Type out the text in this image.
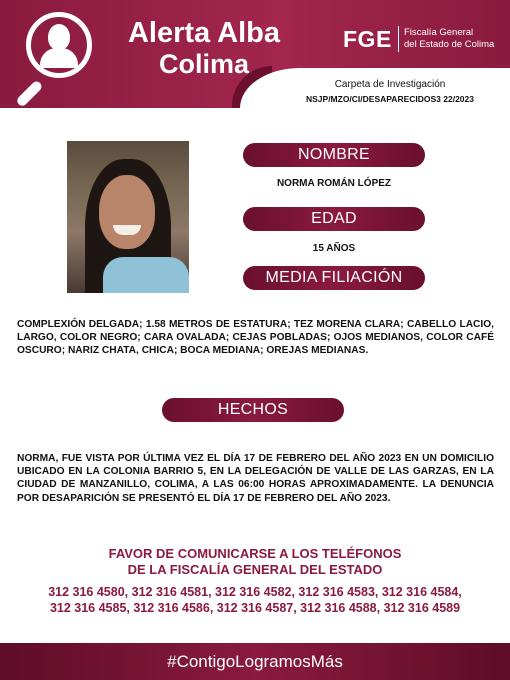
Alerta Alba
Colima
FGE Fiscalía General
del Estado de Colima
Carpeta de Investigación
NSJP/MZO/CI/DESAPARECIDOS3 22/2023
NOMBRE
NORMA ROMÁN LÓPEZ
EDAD
15 AÑOS
MEDIA FILIACIÓN
COMPLEXIÓN DELGADA; 1.58 METROS DE ESTATURA; TEZ MORENA CLARA; CABELLO LACIO, LARGO, COLOR NEGRO; CARA OVALADA; CEJAS POBLADAS; OJOS MEDIANOS, COLOR CAFÉ OSCURO; NARIZ CHATA, CHICA; BOCA MEDIANA; OREJAS MEDIANAS.
HECHOS
NORMA, FUE VISTA POR ÚLTIMA VEZ EL DÍA 17 DE FEBRERO DEL AÑO 2023 EN UN DOMICILIO UBICADO EN LA COLONIA BARRIO 5, EN LA DELEGACIÓN DE VALLE DE LAS GARZAS, EN LA CIUDAD DE MANZANILLO, COLIMA, A LAS 06:00 HORAS APROXIMADAMENTE. LA DENUNCIA POR DESAPARICIÓN SE PRESENTÓ EL DÍA 17 DE FEBRERO DEL AÑO 2023.
FAVOR DE COMUNICARSE A LOS TELÉFONOS
DE LA FISCALÍA GENERAL DEL ESTADO
312 316 4580, 312 316 4581, 312 316 4582, 312 316 4583, 312 316 4584, 312 316 4585, 312 316 4586, 312 316 4587, 312 316 4588, 312 316 4589
#ContigoLogramosMás
